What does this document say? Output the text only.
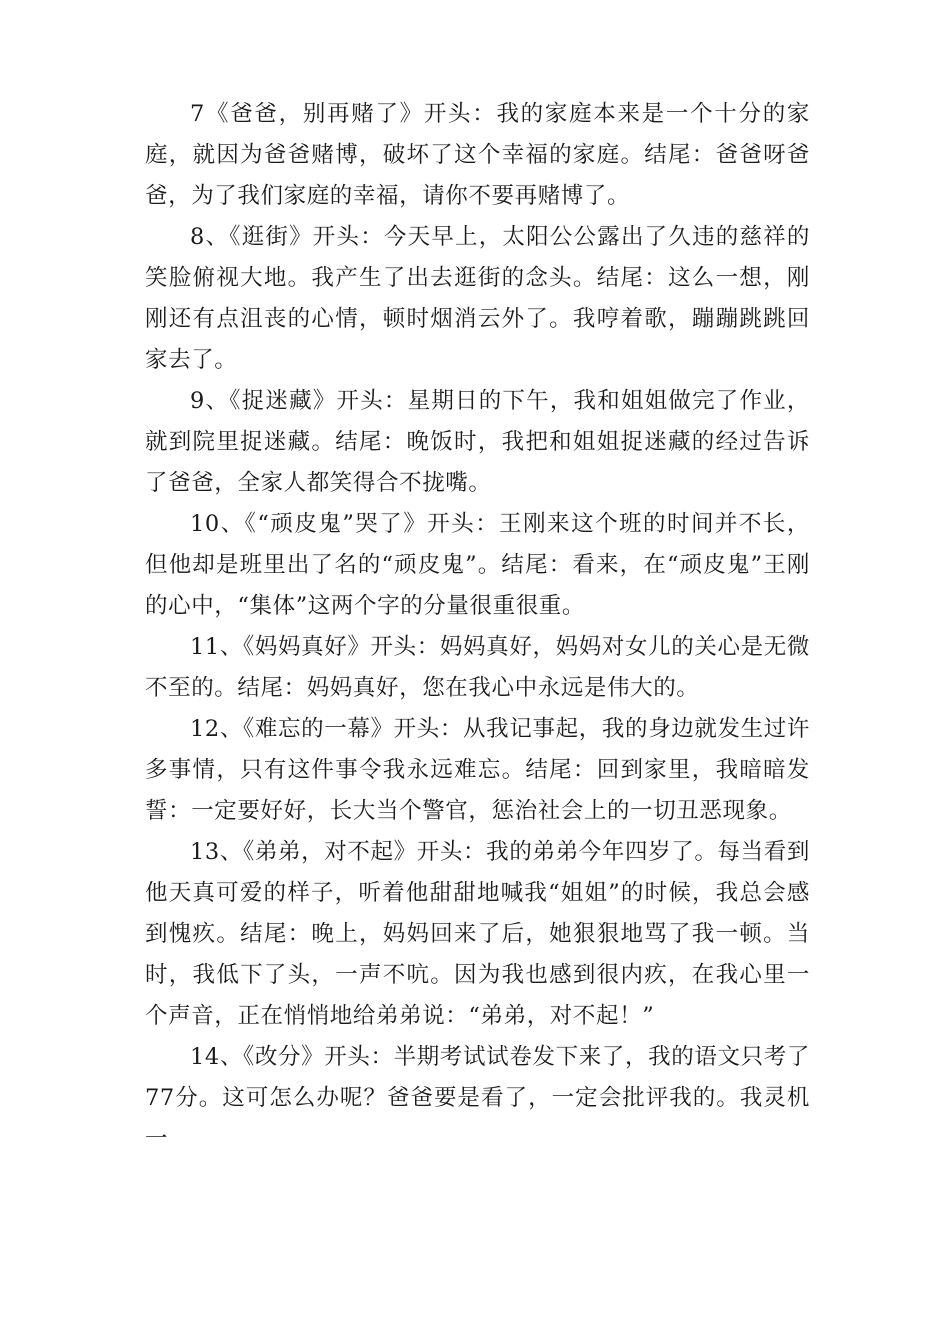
7《爸爸，别再赌了》开头：我的家庭本来是一个十分的家庭，就因为爸爸赌博，破坏了这个幸福的家庭。结尾：爸爸呀爸爸，为了我们家庭的幸福，请你不要再赌博了。

8、《逛街》开头：今天早上，太阳公公露出了久违的慈祥的笑脸俯视大地。我产生了出去逛街的念头。结尾：这么一想，刚刚还有点沮丧的心情，顿时烟消云外了。我哼着歌，蹦蹦跳跳回家去了。

9、《捉迷藏》开头：星期日的下午，我和姐姐做完了作业，就到院里捉迷藏。结尾：晚饭时，我把和姐姐捉迷藏的经过告诉了爸爸，全家人都笑得合不拢嘴。

10、《“顽皮鬼”哭了》开头：王刚来这个班的时间并不长，但他却是班里出了名的“顽皮鬼”。结尾：看来，在“顽皮鬼”王刚的心中，“集体”这两个字的分量很重很重。

11、《妈妈真好》开头：妈妈真好，妈妈对女儿的关心是无微不至的。结尾：妈妈真好，您在我心中永远是伟大的。

12、《难忘的一幕》开头：从我记事起，我的身边就发生过许多事情，只有这件事令我永远难忘。结尾：回到家里，我暗暗发誓：一定要好好，长大当个警官，惩治社会上的一切丑恶现象。

13、《弟弟，对不起》开头：我的弟弟今年四岁了。每当看到他天真可爱的样子，听着他甜甜地喊我“姐姐”的时候，我总会感到愧疚。结尾：晚上，妈妈回来了后，她狠狠地骂了我一顿。当时，我低下了头，一声不吭。因为我也感到很内疚，在我心里一个声音，正在悄悄地给弟弟说：“弟弟，对不起！”

14、《改分》开头：半期考试试卷发下来了，我的语文只考了77分。这可怎么办呢？爸爸要是看了，一定会批评我的。我灵机一
